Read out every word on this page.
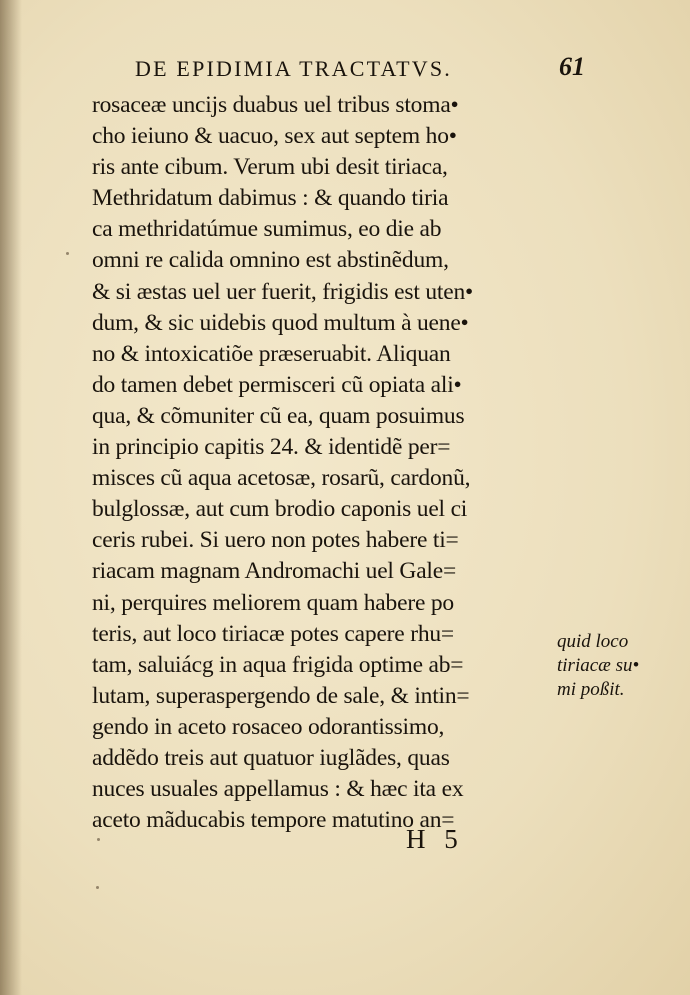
DE EPIDIMIA TRACTATVS.	61
rosaceæ uncijs duabus uel tribus stoma•
cho ieiuno & uacuo, sex aut septem ho•
ris ante cibum. Verum ubi desit tiriaca,
Methridatum dabimus : & quando tiria
ca methridatúmue sumimus, eo die ab
omni re calida omnino est abstinẽdum,
& si æstas uel uer fuerit, frigidis est uten•
dum, & sic uidebis quod multum à uene•
no & intoxicatiõe præseruabit. Aliquan
do tamen debet permisceri cũ opiata ali•
qua, & cõmuniter cũ ea, quam posuimus
in principio capitis 24. & identidẽ per=
misces cũ aqua acetosæ, rosarũ, cardonũ,
bulglossæ, aut cum brodio caponis uel ci
ceris rubei. Si uero non potes habere ti=
riacam magnam Andromachi uel Gale=
ni, perquires meliorem quam habere po
teris, aut loco tiriacæ potes capere rhu=
tam, saluiácg in aqua frigida optime ab=
lutam, superaspergendo de sale, & intin=
gendo in aceto rosaceo odorantissimo,
addẽdo treis aut quatuor iuglãdes, quas
nuces usuales appellamus : & hæc ita ex
aceto mãducabis tempore matutino an=
quid loco
tiriacæ su•
mi poßit.
H 5
